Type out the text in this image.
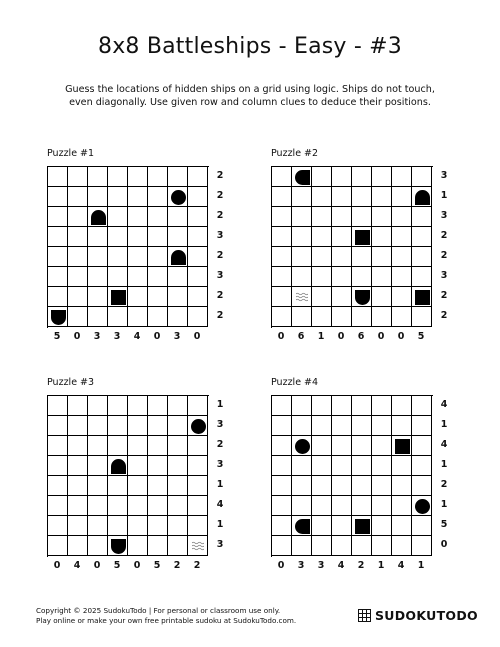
8x8 Battleships - Easy - #3

Guess the locations of hidden ships on a grid using logic. Ships do not touch, even diagonally. Use given row and column clues to deduce their positions.

Puzzle #1
2
2
2
3
2
3
2
2
5	0	3	3	4	0	3	0
Puzzle #2
3
1
3
2
2
3
2
2
0	6	1	0	6	0	0	5
Puzzle #3
1
3
2
3
1
4
1
3
0	4	0	5	0	5	2	2
Puzzle #4
4
1
4
1
2
1
5
0
0	3	3	4	2	1	4	1
Copyright © 2025 SudokuTodo | For personal or classroom use only.
Play online or make your own free printable sudoku at SudokuTodo.com.	SUDOKUTODO
